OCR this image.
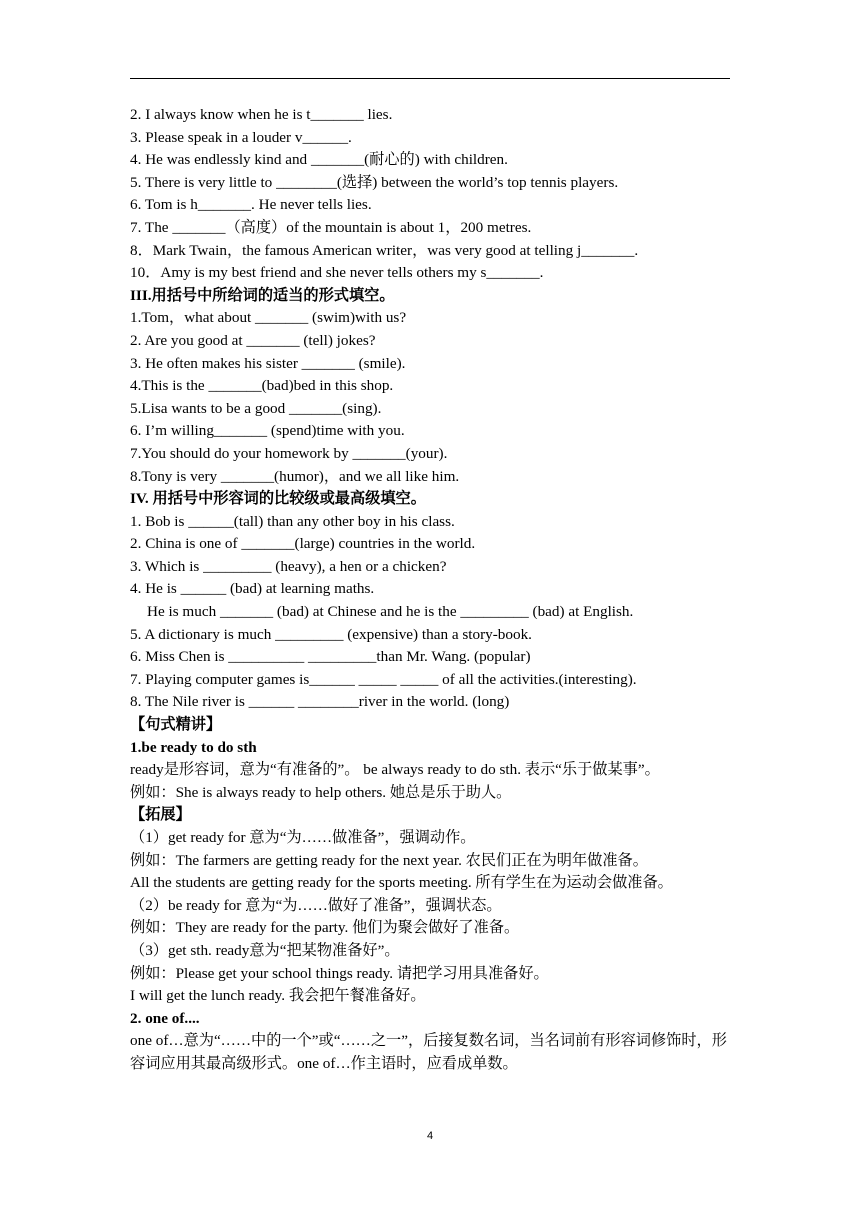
2. I always know when he is t_______ lies.
3. Please speak in a louder v______.
4. He was endlessly kind and _______(耐心的) with children.
5. There is very little to ________(选择) between the world’s top tennis players.
6. Tom is h_______. He never tells lies.
7. The _______（高度）of the mountain is about 1，200 metres.
8．Mark Twain，the famous American writer，was very good at telling j_______.
10．Amy is my best friend and she never tells others my s_______.
III.用括号中所给词的适当的形式填空。
1.Tom，what about _______ (swim)with us?
2. Are you good at _______ (tell) jokes?
3. He often makes his sister _______ (smile).
4.This is the _______(bad)bed in this shop.
5.Lisa wants to be a good _______(sing).
6. I’m willing_______ (spend)time with you.
7.You should do your homework by _______(your).
8.Tony is very _______(humor)，and we all like him.
IV. 用括号中形容词的比较级或最高级填空。
1. Bob is ______(tall) than any other boy in his class.
2. China is one of _______(large) countries in the world.
3. Which is _________ (heavy), a hen or a chicken?
4. He is ______ (bad) at learning maths.
He is much _______ (bad) at Chinese and he is the _________ (bad) at English.
5. A dictionary is much _________ (expensive) than a story-book.
6. Miss Chen is __________ _________than Mr. Wang. (popular)
7. Playing computer games is______ _____ _____ of all the activities.(interesting).
8. The Nile river is ______ ________river in the world. (long)
【句式精讲】
1.be ready to do sth
ready是形容词，意为“有准备的”。 be always ready to do sth. 表示“乐于做某事”。
例如：She is always ready to help others. 她总是乐于助人。
【拓展】
（1）get ready for 意为“为……做准备”，强调动作。
例如：The farmers are getting ready for the next year. 农民们正在为明年做准备。
All the students are getting ready for the sports meeting. 所有学生在为运动会做准备。
（2）be ready for 意为“为……做好了准备”，强调状态。
例如：They are ready for the party. 他们为聚会做好了准备。
（3）get sth. ready意为“把某物准备好”。
例如：Please get your school things ready. 请把学习用具准备好。
I will get the lunch ready. 我会把午餐准备好。
2. one of....
one of…意为“……中的一个”或“……之一”，后接复数名词，当名词前有形容词修饰时，形容词应用其最高级形式。one of…作主语时，应看成单数。
4
